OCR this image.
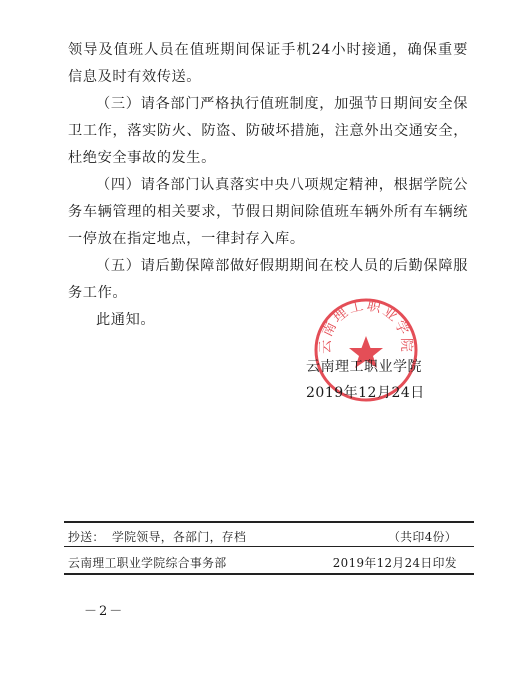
领导及值班人员在值班期间保证手机24小时接通，确保重要信息及时有效传送。

（三）请各部门严格执行值班制度，加强节日期间安全保卫工作，落实防火、防盗、防破坏措施，注意外出交通安全，杜绝安全事故的发生。

（四）请各部门认真落实中央八项规定精神，根据学院公务车辆管理的相关要求，节假日期间除值班车辆外所有车辆统一停放在指定地点，一律封存入库。

（五）请后勤保障部做好假期期间在校人员的后勤保障服务工作。

此通知。

云南理工职业学院
云南理工职业学院
2019年12月24日
抄送： 学院领导，各部门，存档	（共印4份）
云南理工职业学院综合事务部	2019年12月24日印发
－2－
